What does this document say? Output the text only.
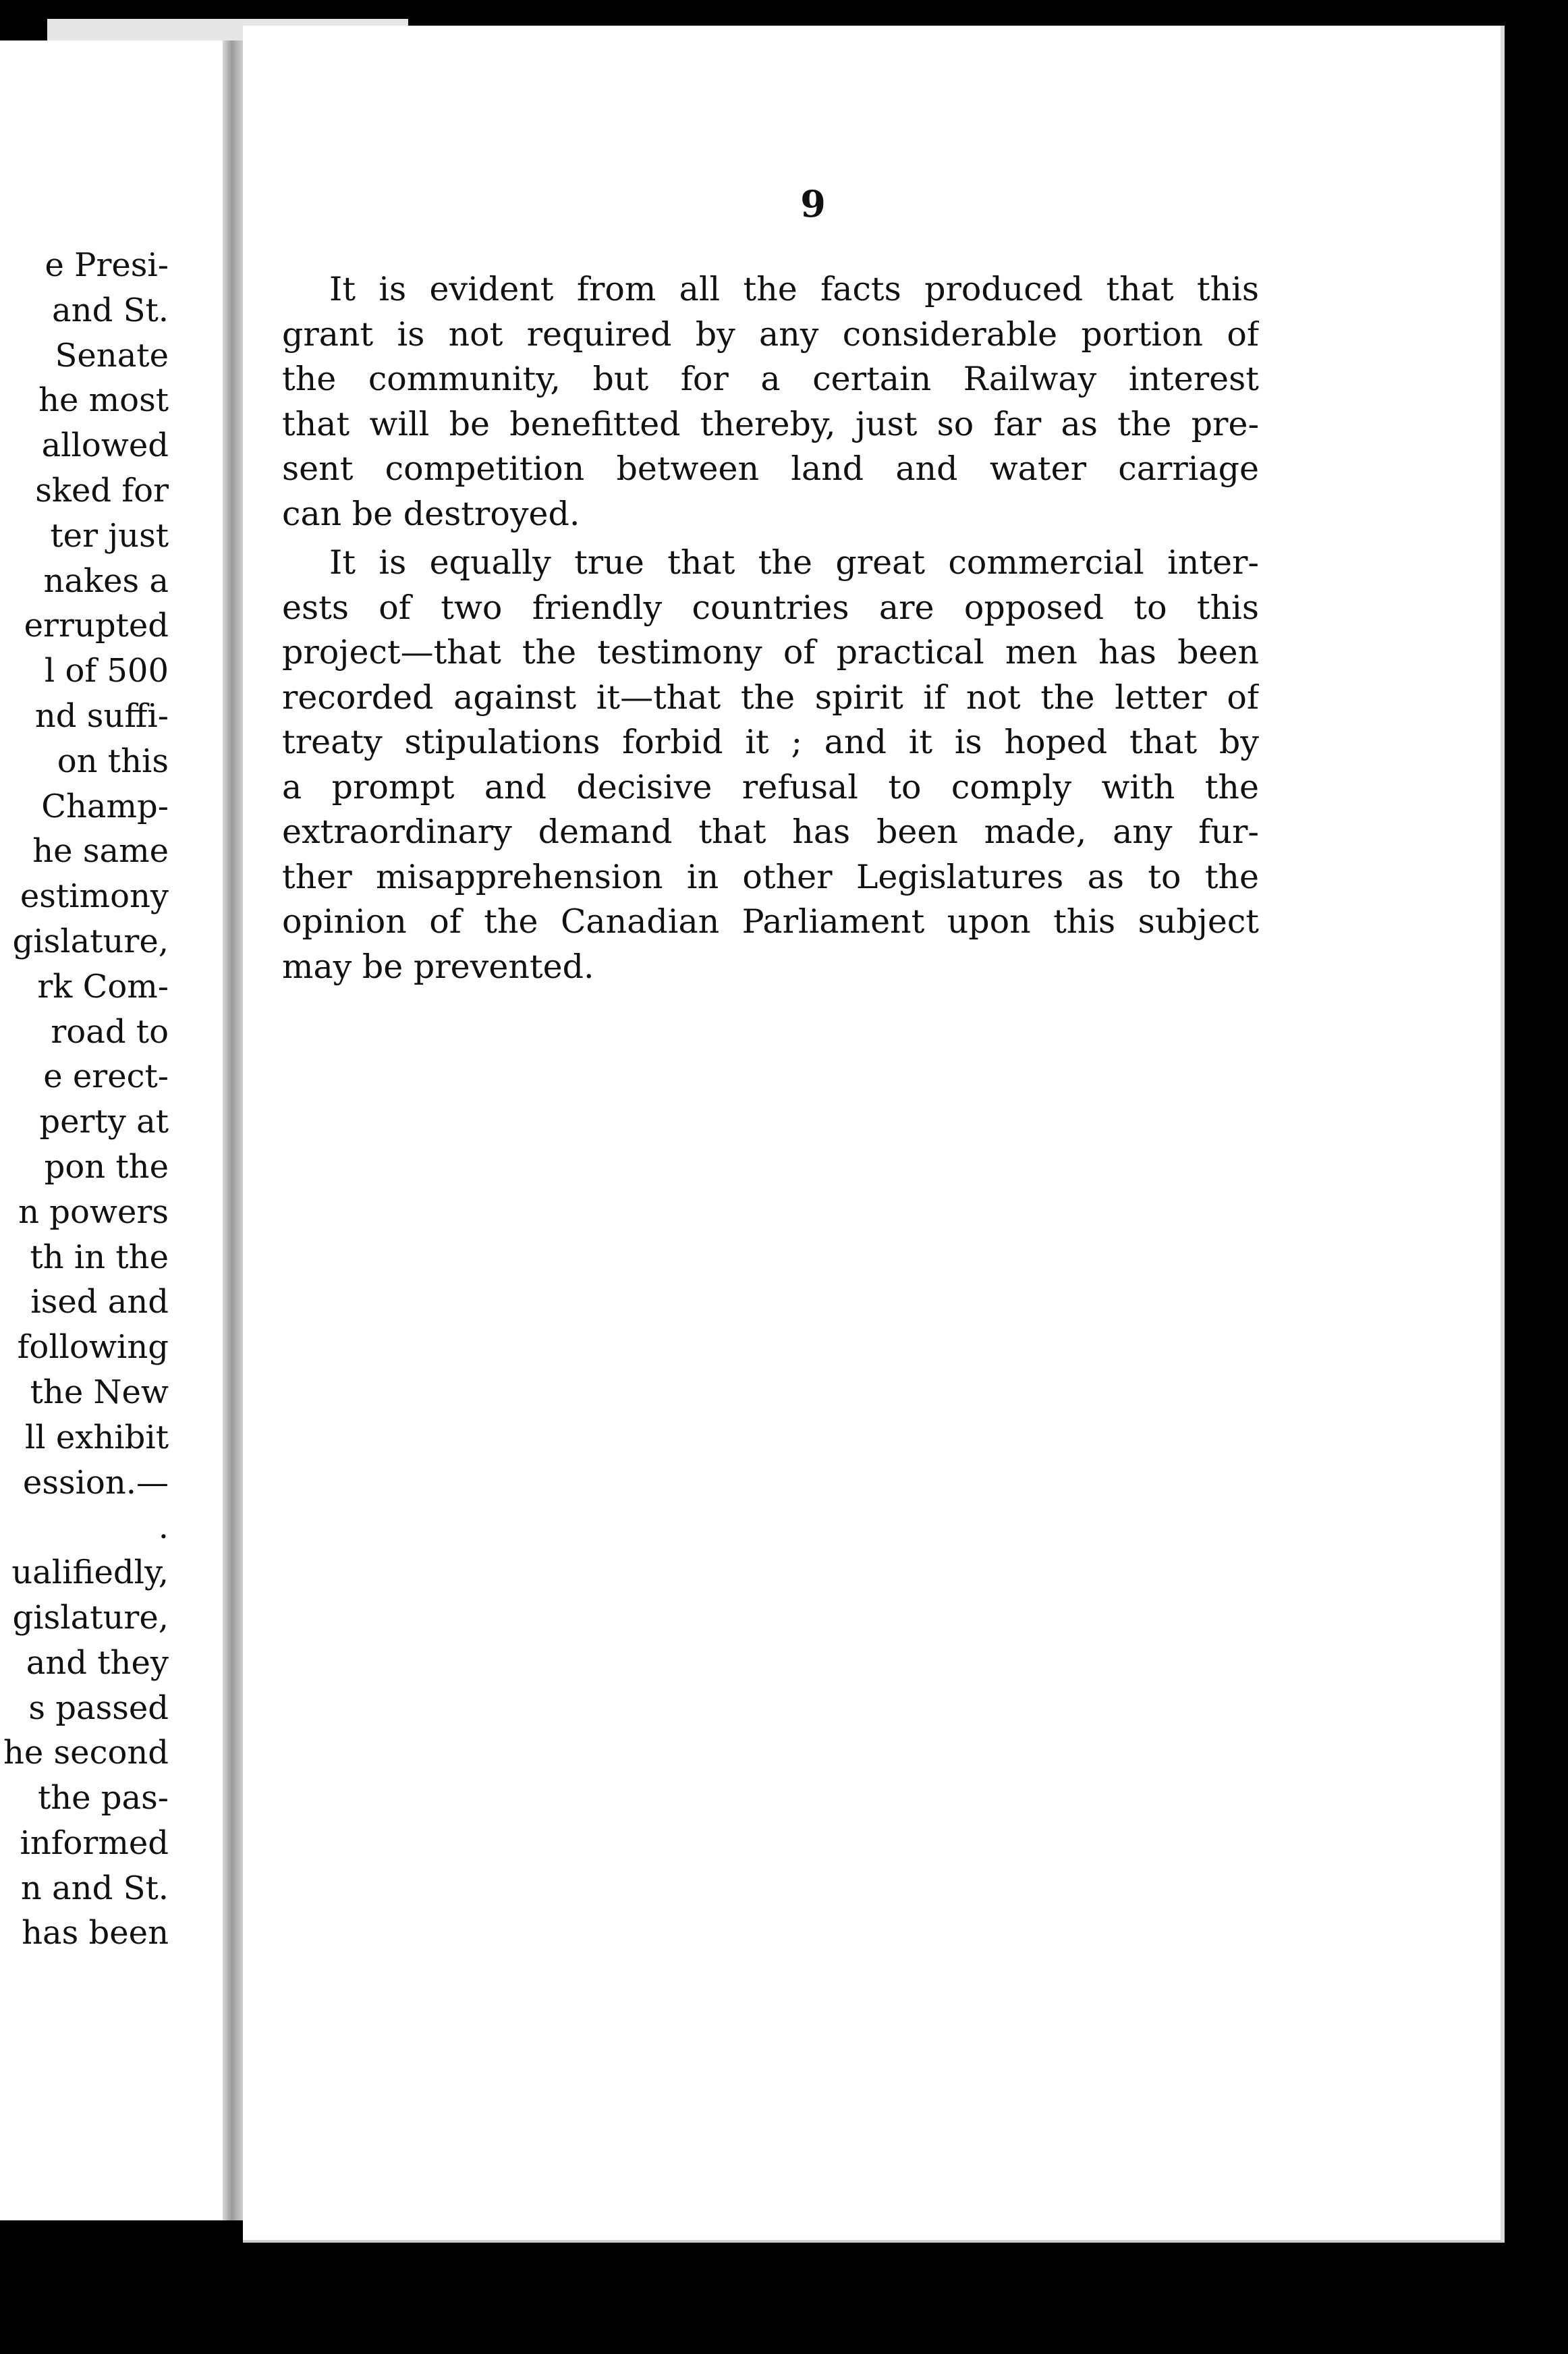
e Presi-
and St.
Senate
he most
allowed
sked for
ter just
nakes a
errupted
l of 500
nd suffi-
on this
Champ-
he same
estimony
gislature,
rk Com-
road to
e erect-
perty at
pon the
n powers
th in the
ised and
following
the New
ll exhibit
ession.—
.
ualifiedly,
gislature,
and they
s passed
he second
the pas-
informed
n and St.
has been

9

It is evident from all the facts produced that this
grant is not required by any considerable portion of
the community, but for a certain Railway interest
that will be benefitted thereby, just so far as the pre-
sent competition between land and water carriage
can be destroyed.

It is equally true that the great commercial inter-
ests of two friendly countries are opposed to this
project—that the testimony of practical men has been
recorded against it—that the spirit if not the letter of
treaty stipulations forbid it ; and it is hoped that by
a prompt and decisive refusal to comply with the
extraordinary demand that has been made, any fur-
ther misapprehension in other Legislatures as to the
opinion of the Canadian Parliament upon this subject
may be prevented.
